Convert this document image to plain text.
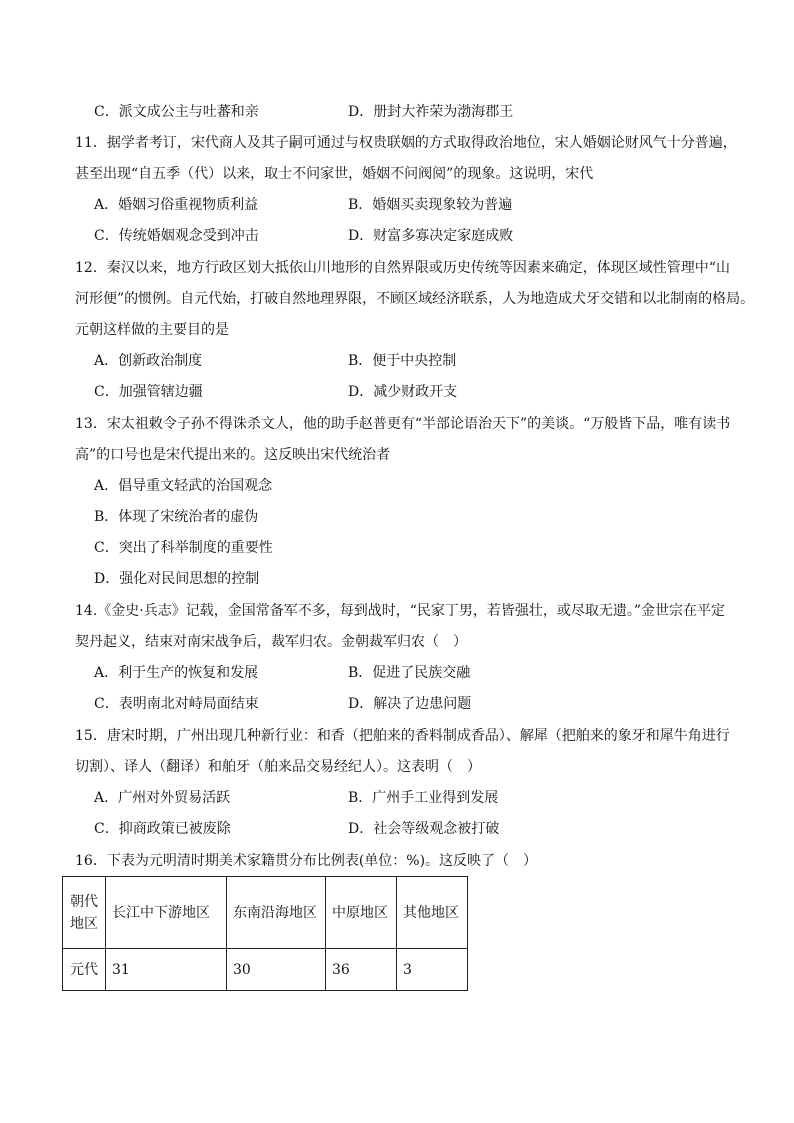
C．派文成公主与吐蕃和亲	D．册封大祚荣为渤海郡王
11．据学者考订，宋代商人及其子嗣可通过与权贵联姻的方式取得政治地位，宋人婚姻论财风气十分普遍，
甚至出现“自五季（代）以来，取士不问家世，婚姻不问阀阅”的现象。这说明，宋代
A．婚姻习俗重视物质利益	B．婚姻买卖现象较为普遍
C．传统婚姻观念受到冲击	D．财富多寡决定家庭成败
12．秦汉以来，地方行政区划大抵依山川地形的自然界限或历史传统等因素来确定，体现区域性管理中“山
河形便”的惯例。自元代始，打破自然地理界限，不顾区域经济联系，人为地造成犬牙交错和以北制南的格局。
元朝这样做的主要目的是
A．创新政治制度	B．便于中央控制
C．加强管辖边疆	D．减少财政开支
13．宋太祖敕令子孙不得诛杀文人，他的助手赵普更有“半部论语治天下”的美谈。“万般皆下品，唯有读书
高”的口号也是宋代提出来的。这反映出宋代统治者
A．倡导重文轻武的治国观念
B．体现了宋统治者的虚伪
C．突出了科举制度的重要性
D．强化对民间思想的控制
14.《金史·兵志》记载，金国常备军不多，每到战时，“民家丁男，若皆强壮，或尽取无遗。”金世宗在平定
契丹起义，结束对南宋战争后，裁军归农。金朝裁军归农（　）
A．利于生产的恢复和发展	B．促进了民族交融
C．表明南北对峙局面结束	D．解决了边患问题
15．唐宋时期，广州出现几种新行业：和香（把舶来的香料制成香品）、解犀（把舶来的象牙和犀牛角进行
切割）、译人（翻译）和舶牙（舶来品交易经纪人）。这表明（　）
A．广州对外贸易活跃	B．广州手工业得到发展
C．抑商政策已被废除	D．社会等级观念被打破
16．下表为元明清时期美术家籍贯分布比例表(单位：%)。这反映了（　）
朝代
地区	长江中下游地区	东南沿海地区	中原地区	其他地区
元代	31	30	36	3
